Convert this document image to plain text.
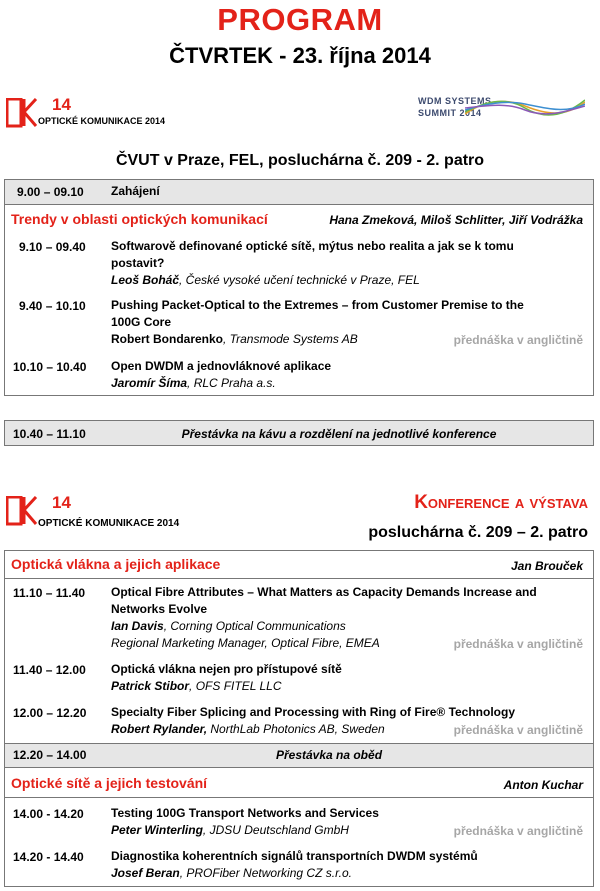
PROGRAM
ČTVRTEK - 23. října 2014
14
OPTICKÉ KOMUNIKACE 2014
WDM SYSTEMS
SUMMIT 2014
ČVUT v Praze, FEL, posluchárna č. 209 - 2. patro
9.00 – 09.10 Zahájení
Trendy v oblasti optických komunikací	Hana Zmeková, Miloš Schlitter, Jiří Vodrážka
9.10 – 09.40 Softwarově definované optické sítě, mýtus nebo realita a jak se k tomu
postavit?
Leoš Boháč, České vysoké učení technické v Praze, FEL
9.40 – 10.10 Pushing Packet-Optical to the Extremes – from Customer Premise to the
100G Core
Robert Bondarenko, Transmode Systems AB	přednáška v angličtině
10.10 – 10.40 Open DWDM a jednovláknové aplikace
Jaromír Šíma, RLC Praha a.s.
10.40 – 11.10	Přestávka na kávu a rozdělení na jednotlivé konference
14
OPTICKÉ KOMUNIKACE 2014
Konference a výstava
posluchárna č. 209 – 2. patro
Optická vlákna a jejich aplikace	Jan Brouček
11.10 – 11.40 Optical Fibre Attributes – What Matters as Capacity Demands Increase and
Networks Evolve
Ian Davis, Corning Optical Communications
Regional Marketing Manager, Optical Fibre, EMEA	přednáška v angličtině
11.40 – 12.00 Optická vlákna nejen pro přístupové sítě
Patrick Stibor, OFS FITEL LLC
12.00 – 12.20 Specialty Fiber Splicing and Processing with Ring of Fire® Technology
Robert Rylander, NorthLab Photonics AB, Sweden	přednáška v angličtině
12.20 – 14.00	Přestávka na oběd
Optické sítě a jejich testování	Anton Kuchar
14.00 - 14.20 Testing 100G Transport Networks and Services
Peter Winterling, JDSU Deutschland GmbH	přednáška v angličtině
14.20 - 14.40 Diagnostika koherentních signálů transportních DWDM systémů
Josef Beran, PROFiber Networking CZ s.r.o.
